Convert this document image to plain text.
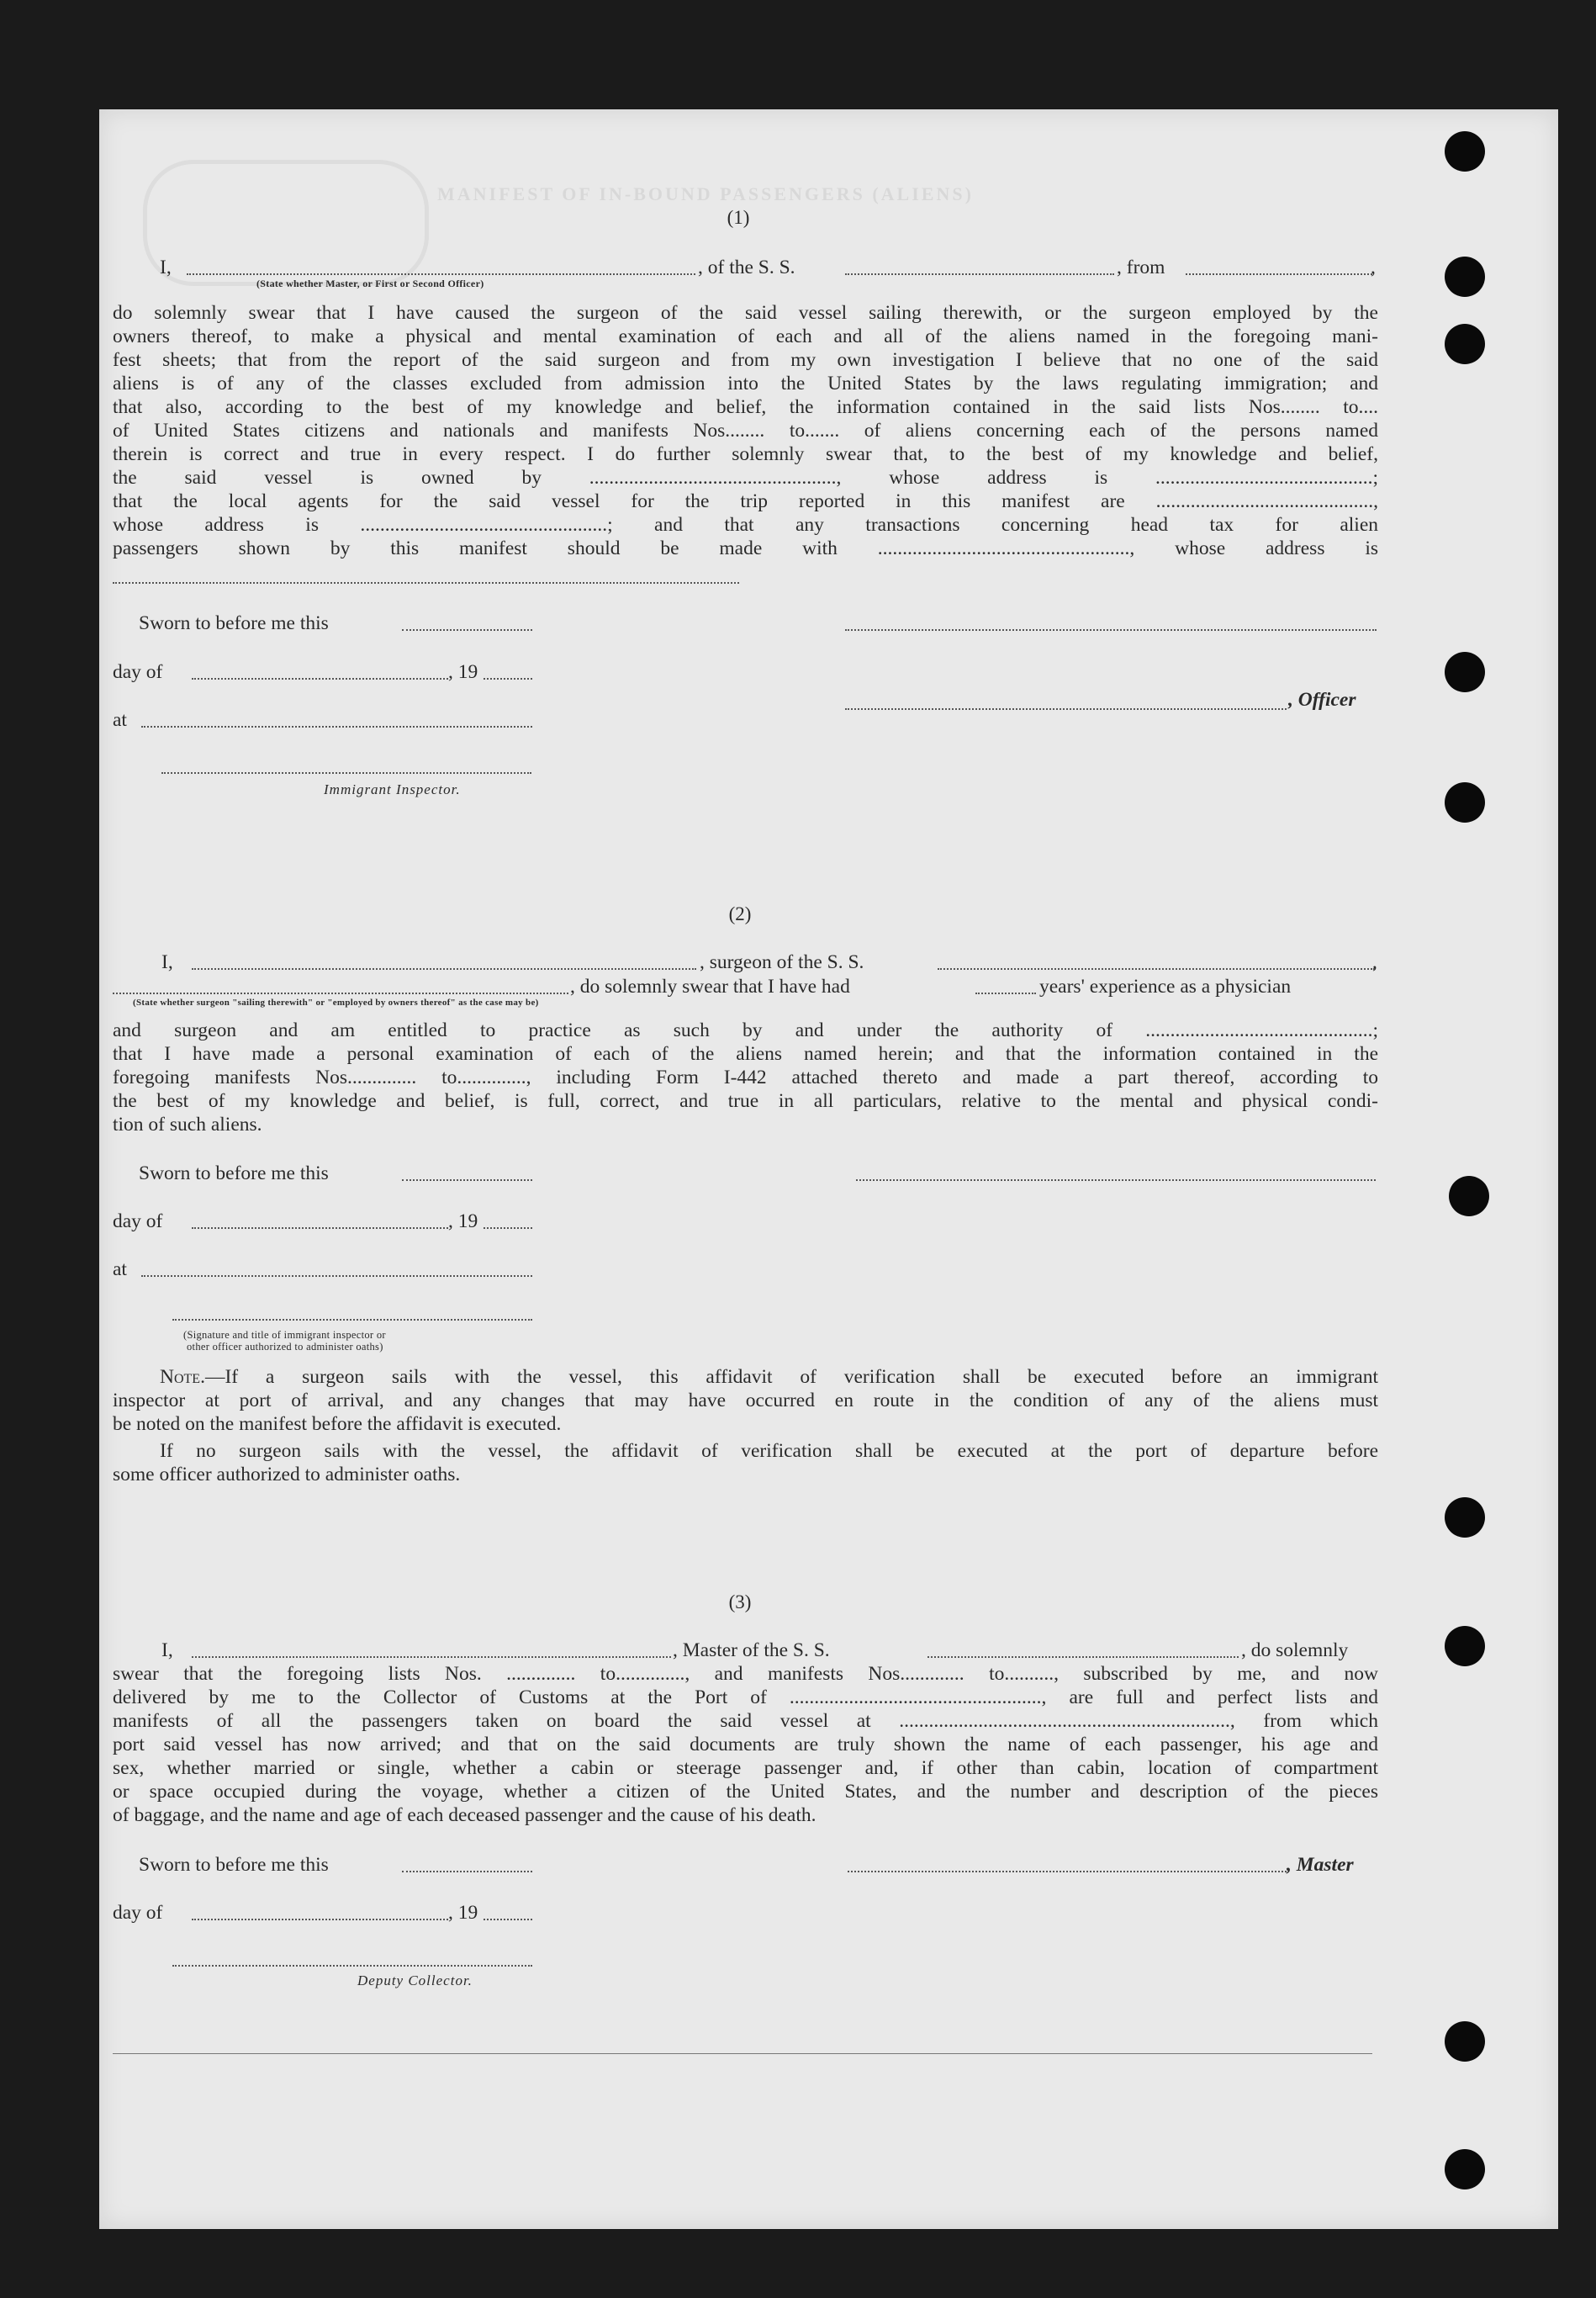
MANIFEST OF IN-BOUND PASSENGERS (ALIENS)
(1)
I,	, of the S. S.	, from	,
(State whether Master, or First or Second Officer)
do solemnly swear that I have caused the surgeon of the said vessel sailing therewith, or the surgeon employed by the
owners thereof, to make a physical and mental examination of each and all of the aliens named in the foregoing mani-
fest sheets; that from the report of the said surgeon and from my own investigation I believe that no one of the said
aliens is of any of the classes excluded from admission into the United States by the laws regulating immigration; and
that also, according to the best of my knowledge and belief, the information contained in the said lists Nos........ to....
of United States citizens and nationals and manifests Nos........ to....... of aliens concerning each of the persons named
therein is correct and true in every respect. I do further solemnly swear that, to the best of my knowledge and belief,
the said vessel is owned by .................................................., whose address is ............................................;
that the local agents for the said vessel for the trip reported in this manifest are ............................................,
whose address is ..................................................; and that any transactions concerning head tax for alien
passengers shown by this manifest should be made with ..................................................., whose address is
Sworn to before me this
day of	, 19
, Officer
at
Immigrant Inspector.
(2)
I,	, surgeon of the S. S.	,
, do solemnly swear that I have had	years' experience as a physician
(State whether surgeon "sailing therewith" or "employed by owners thereof" as the case may be)
and surgeon and am entitled to practice as such by and under the authority of ..............................................;
that I have made a personal examination of each of the aliens named herein; and that the information contained in the
foregoing manifests Nos.............. to.............., including Form I-442 attached thereto and made a part thereof, according to
the best of my knowledge and belief, is full, correct, and true in all particulars, relative to the mental and physical condi-
tion of such aliens.
Sworn to before me this
day of	, 19
at
(Signature and title of immigrant inspector or
other officer authorized to administer oaths)
Note.—If a surgeon sails with the vessel, this affidavit of verification shall be executed before an immigrant
inspector at port of arrival, and any changes that may have occurred en route in the condition of any of the aliens must
be noted on the manifest before the affidavit is executed.
If no surgeon sails with the vessel, the affidavit of verification shall be executed at the port of departure before
some officer authorized to administer oaths.
(3)
I,	, Master of the S. S.	, do solemnly
swear that the foregoing lists Nos. .............. to.............., and manifests Nos............. to.........., subscribed by me, and now
delivered by me to the Collector of Customs at the Port of ..................................................., are full and perfect lists and
manifests of all the passengers taken on board the said vessel at ..................................................................., from which
port said vessel has now arrived; and that on the said documents are truly shown the name of each passenger, his age and
sex, whether married or single, whether a cabin or steerage passenger and, if other than cabin, location of compartment
or space occupied during the voyage, whether a citizen of the United States, and the number and description of the pieces
of baggage, and the name and age of each deceased passenger and the cause of his death.
Sworn to before me this	, Master
day of	, 19
Deputy Collector.
